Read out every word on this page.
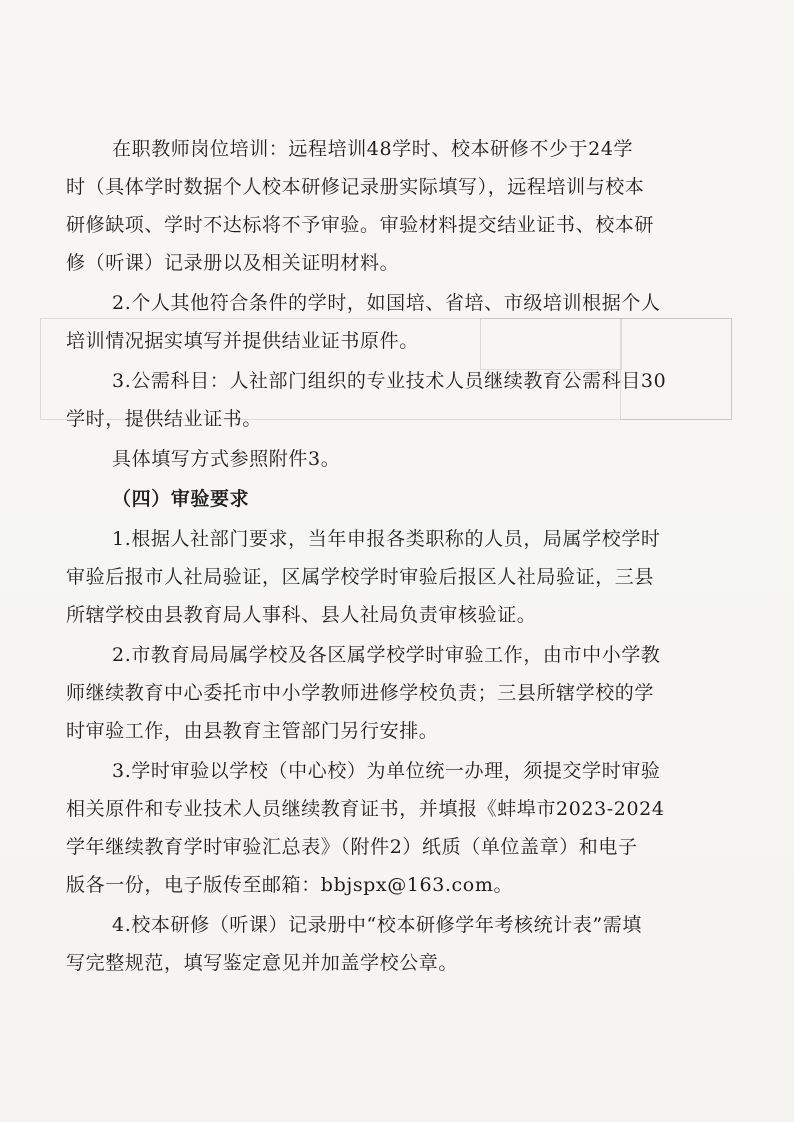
在职教师岗位培训：远程培训48学时、校本研修不少于24学
时（具体学时数据个人校本研修记录册实际填写），远程培训与校本
研修缺项、学时不达标将不予审验。审验材料提交结业证书、校本研
修（听课）记录册以及相关证明材料。
2.个人其他符合条件的学时，如国培、省培、市级培训根据个人
培训情况据实填写并提供结业证书原件。
3.公需科目：人社部门组织的专业技术人员继续教育公需科目30
学时，提供结业证书。
具体填写方式参照附件3。
（四）审验要求
1.根据人社部门要求，当年申报各类职称的人员，局属学校学时
审验后报市人社局验证，区属学校学时审验后报区人社局验证，三县
所辖学校由县教育局人事科、县人社局负责审核验证。
2.市教育局局属学校及各区属学校学时审验工作，由市中小学教
师继续教育中心委托市中小学教师进修学校负责；三县所辖学校的学
时审验工作，由县教育主管部门另行安排。
3.学时审验以学校（中心校）为单位统一办理，须提交学时审验
相关原件和专业技术人员继续教育证书，并填报《蚌埠市2023-2024
学年继续教育学时审验汇总表》（附件2）纸质（单位盖章）和电子
版各一份，电子版传至邮箱：bbjspx@163.com。
4.校本研修（听课）记录册中“校本研修学年考核统计表”需填
写完整规范，填写鉴定意见并加盖学校公章。
